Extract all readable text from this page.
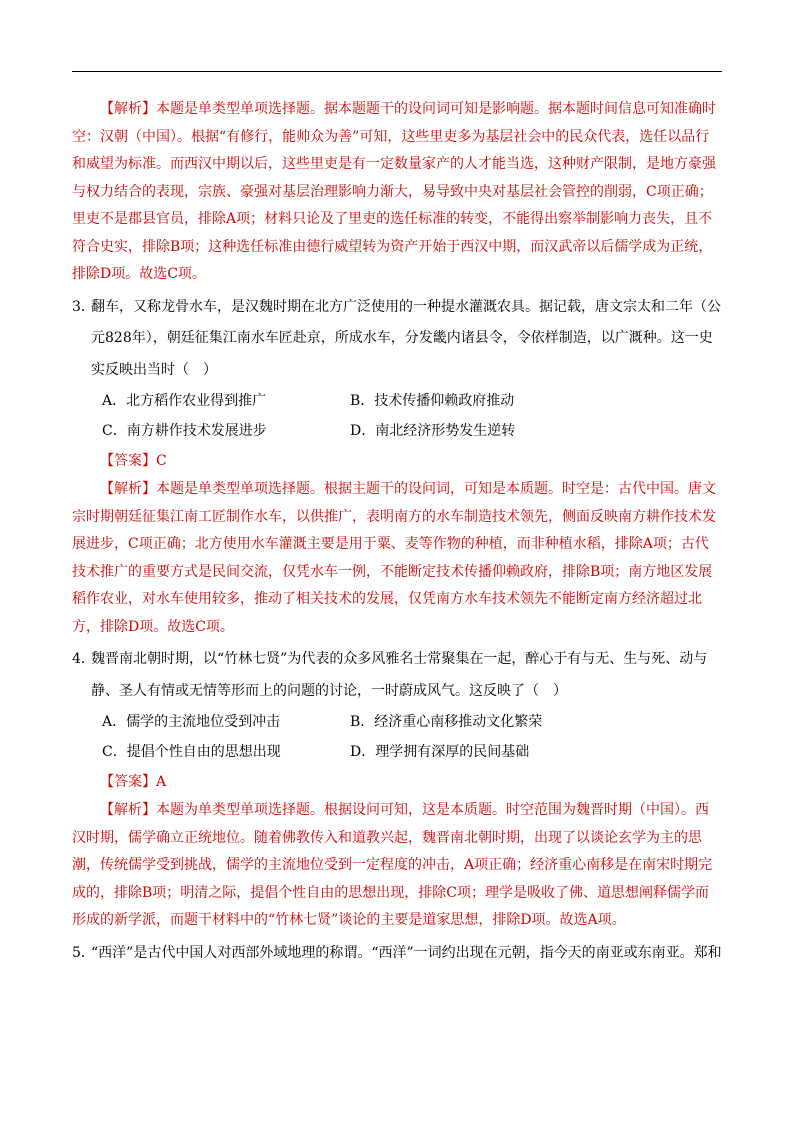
【解析】本题是单类型单项选择题。据本题题干的设问词可知是影响题。据本题时间信息可知准确时空：汉朝（中国）。根据“有修行，能帅众为善”可知，这些里吏多为基层社会中的民众代表，选任以品行和威望为标准。而西汉中期以后，这些里吏是有一定数量家产的人才能当选，这种财产限制，是地方豪强与权力结合的表现，宗族、豪强对基层治理影响力渐大，易导致中央对基层社会管控的削弱，C项正确；里吏不是郡县官员，排除A项；材料只论及了里吏的选任标准的转变，不能得出察举制影响力丧失，且不符合史实，排除B项；这种选任标准由德行威望转为资产开始于西汉中期，而汉武帝以后儒学成为正统，排除D项。故选C项。

3．
翻车，又称龙骨水车，是汉魏时期在北方广泛使用的一种提水灌溉农具。据记载，唐文宗太和二年（公元828年），朝廷征集江南水车匠赴京，所成水车，分发畿内诸县令，令依样制造，以广溉种。这一史实反映出当时（　）
A．北方稻作农业得到推广	B．技术传播仰赖政府推动
C．南方耕作技术发展进步	D．南北经济形势发生逆转

【答案】C

【解析】本题是单类型单项选择题。根据主题干的设问词，可知是本质题。时空是：古代中国。唐文宗时期朝廷征集江南工匠制作水车，以供推广，表明南方的水车制造技术领先，侧面反映南方耕作技术发展进步，C项正确；北方使用水车灌溉主要是用于粟、麦等作物的种植，而非种植水稻，排除A项；古代技术推广的重要方式是民间交流，仅凭水车一例，不能断定技术传播仰赖政府，排除B项；南方地区发展稻作农业，对水车使用较多，推动了相关技术的发展，仅凭南方水车技术领先不能断定南方经济超过北方，排除D项。故选C项。

4．
魏晋南北朝时期，以“竹林七贤”为代表的众多风雅名士常聚集在一起，醉心于有与无、生与死、动与静、圣人有情或无情等形而上的问题的讨论，一时蔚成风气。这反映了（　）
A．儒学的主流地位受到冲击	B．经济重心南移推动文化繁荣
C．提倡个性自由的思想出现	D．理学拥有深厚的民间基础

【答案】A

【解析】本题为单类型单项选择题。根据设问可知，这是本质题。时空范围为魏晋时期（中国）。西汉时期，儒学确立正统地位。随着佛教传入和道教兴起，魏晋南北朝时期，出现了以谈论玄学为主的思潮，传统儒学受到挑战，儒学的主流地位受到一定程度的冲击，A项正确；经济重心南移是在南宋时期完成的，排除B项；明清之际，提倡个性自由的思想出现，排除C项；理学是吸收了佛、道思想阐释儒学而形成的新学派，而题干材料中的“竹林七贤”谈论的主要是道家思想，排除D项。故选A项。

5．
“西洋”是古代中国人对西部外域地理的称谓。“西洋”一词约出现在元朝，指今天的南亚或东南亚。郑和
